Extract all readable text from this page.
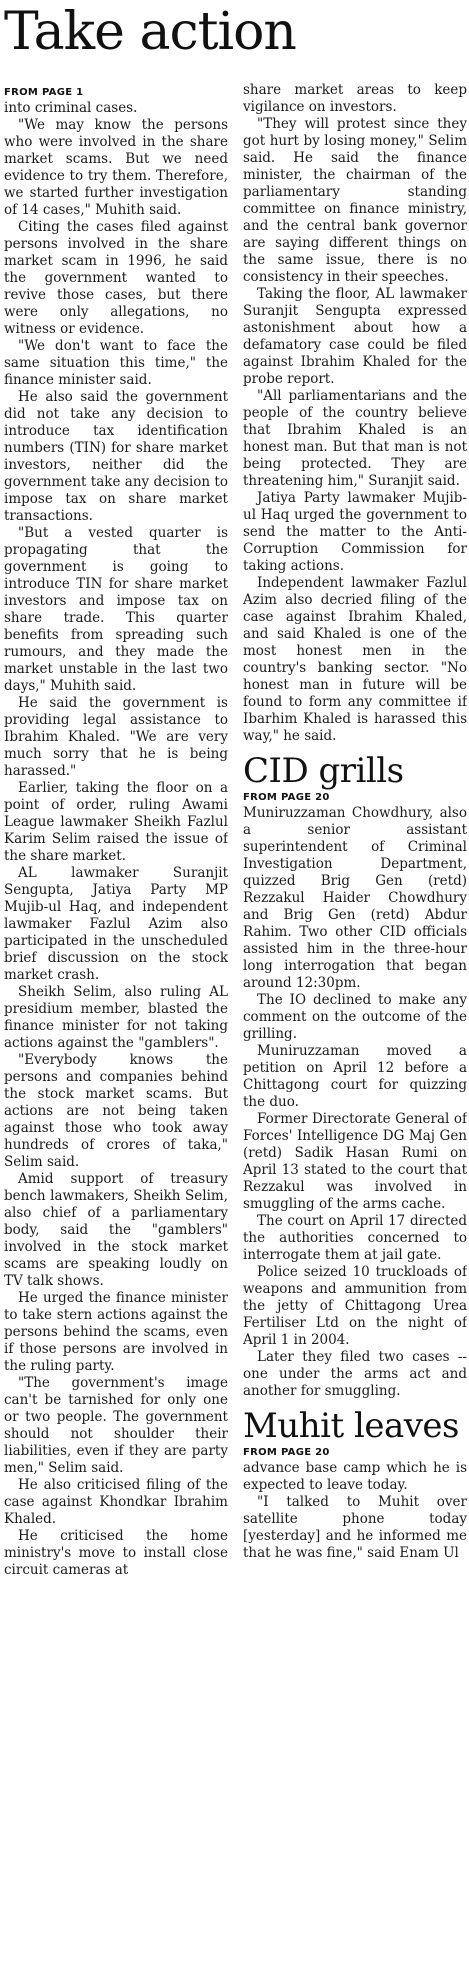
Take action
FROM PAGE 1

into criminal cases.

"We may know the persons who were involved in the share market scams. But we need evidence to try them. Therefore, we started further investigation of 14 cases," Muhith said.

Citing the cases filed against persons involved in the share market scam in 1996, he said the government wanted to revive those cases, but there were only allegations, no witness or evidence.

"We don't want to face the same situation this time," the finance minister said.

He also said the government did not take any decision to introduce tax identification numbers (TIN) for share market investors, neither did the government take any decision to impose tax on share market transactions.

"But a vested quarter is propagating that the government is going to introduce TIN for share market investors and impose tax on share trade. This quarter benefits from spreading such rumours, and they made the market unstable in the last two days," Muhith said.

He said the government is providing legal assistance to Ibrahim Khaled. "We are very much sorry that he is being harassed."

Earlier, taking the floor on a point of order, ruling Awami League lawmaker Sheikh Fazlul Karim Selim raised the issue of the share market.

AL lawmaker Suranjit Sengupta, Jatiya Party MP Mujib-ul Haq, and independent lawmaker Fazlul Azim also participated in the unscheduled brief discussion on the stock market crash.

Sheikh Selim, also ruling AL presidium member, blasted the finance minister for not taking actions against the "gamblers".

"Everybody knows the persons and companies behind the stock market scams. But actions are not being taken against those who took away hundreds of crores of taka," Selim said.

Amid support of treasury bench lawmakers, Sheikh Selim, also chief of a parliamentary body, said the "gamblers" involved in the stock market scams are speaking loudly on TV talk shows.

He urged the finance minister to take stern actions against the persons behind the scams, even if those persons are involved in the ruling party.

"The government's image can't be tarnished for only one or two people. The government should not shoulder their liabilities, even if they are party men," Selim said.

He also criticised filing of the case against Khondkar Ibrahim Khaled.

He criticised the home ministry's move to install close circuit cameras at

share market areas to keep vigilance on investors.

"They will protest since they got hurt by losing money," Selim said. He said the finance minister, the chairman of the parliamentary standing committee on finance ministry, and the central bank governor are saying different things on the same issue, there is no consistency in their speeches.

Taking the floor, AL lawmaker Suranjit Sengupta expressed astonishment about how a defamatory case could be filed against Ibrahim Khaled for the probe report.

"All parliamentarians and the people of the country believe that Ibrahim Khaled is an honest man. But that man is not being protected. They are threatening him," Suranjit said.

Jatiya Party lawmaker Mujib-ul Haq urged the government to send the matter to the Anti-Corruption Commission for taking actions.

Independent lawmaker Fazlul Azim also decried filing of the case against Ibrahim Khaled, and said Khaled is one of the most honest men in the country's banking sector. "No honest man in future will be found to form any committee if Ibarhim Khaled is harassed this way," he said.

CID grills
FROM PAGE 20

Muniruzzaman Chowdhury, also a senior assistant superintendent of Criminal Investigation Department, quizzed Brig Gen (retd) Rezzakul Haider Chowdhury and Brig Gen (retd) Abdur Rahim. Two other CID officials assisted him in the three-hour long interrogation that began around 12:30pm.

The IO declined to make any comment on the outcome of the grilling.

Muniruzzaman moved a petition on April 12 before a Chittagong court for quizzing the duo.

Former Directorate General of Forces' Intelligence DG Maj Gen (retd) Sadik Hasan Rumi on April 13 stated to the court that Rezzakul was involved in smuggling of the arms cache.

The court on April 17 directed the authorities concerned to interrogate them at jail gate.

Police seized 10 truckloads of weapons and ammunition from the jetty of Chittagong Urea Fertiliser Ltd on the night of April 1 in 2004.

Later they filed two cases -- one under the arms act and another for smuggling.

Muhit leaves
FROM PAGE 20

advance base camp which he is expected to leave today.

"I talked to Muhit over satellite phone today [yesterday] and he informed me that he was fine," said Enam Ul
